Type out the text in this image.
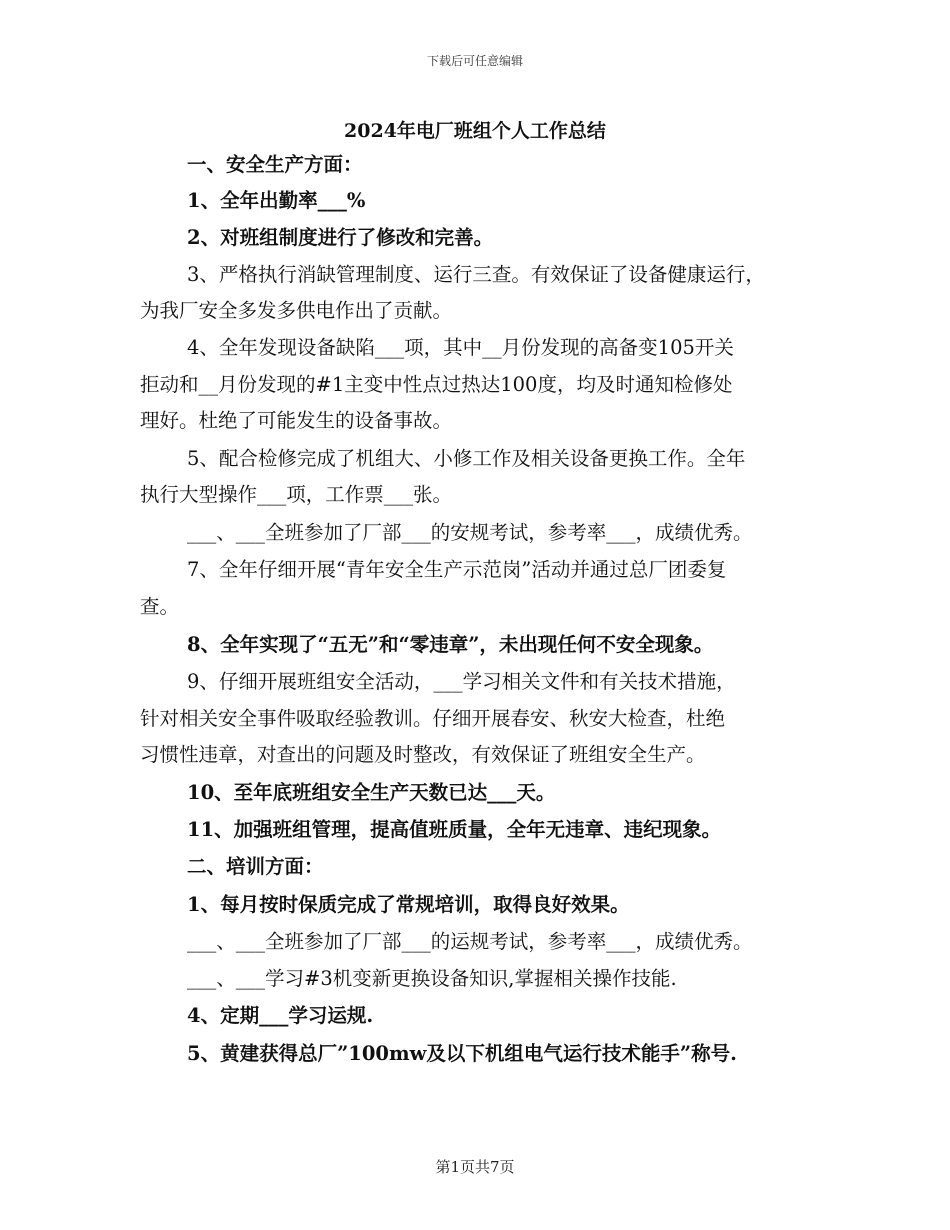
下载后可任意编辑
2024年电厂班组个人工作总结
一、安全生产方面：
1、全年出勤率___%
2、对班组制度进行了修改和完善。
3、严格执行消缺管理制度、运行三查。有效保证了设备健康运行，
为我厂安全多发多供电作出了贡献。
4、全年发现设备缺陷___项，其中__月份发现的高备变105开关
拒动和__月份发现的#1主变中性点过热达100度，均及时通知检修处
理好。杜绝了可能发生的设备事故。
5、配合检修完成了机组大、小修工作及相关设备更换工作。全年
执行大型操作___项，工作票___张。
___、___全班参加了厂部___的安规考试，参考率___，成绩优秀。
7、全年仔细开展“青年安全生产示范岗”活动并通过总厂团委复
查。
8、全年实现了“五无”和“零违章”，未出现任何不安全现象。
9、仔细开展班组安全活动，___学习相关文件和有关技术措施，
针对相关安全事件吸取经验教训。仔细开展春安、秋安大检查，杜绝
习惯性违章，对查出的问题及时整改，有效保证了班组安全生产。
10、至年底班组安全生产天数已达___天。
11、加强班组管理，提高值班质量，全年无违章、违纪现象。
二、培训方面：
1、每月按时保质完成了常规培训，取得良好效果。
___、___全班参加了厂部___的运规考试，参考率___，成绩优秀。
___、___学习#3机变新更换设备知识,掌握相关操作技能.
4、定期___学习运规.
5、黄建获得总厂”100mw及以下机组电气运行技术能手”称号.
第1页共7页
